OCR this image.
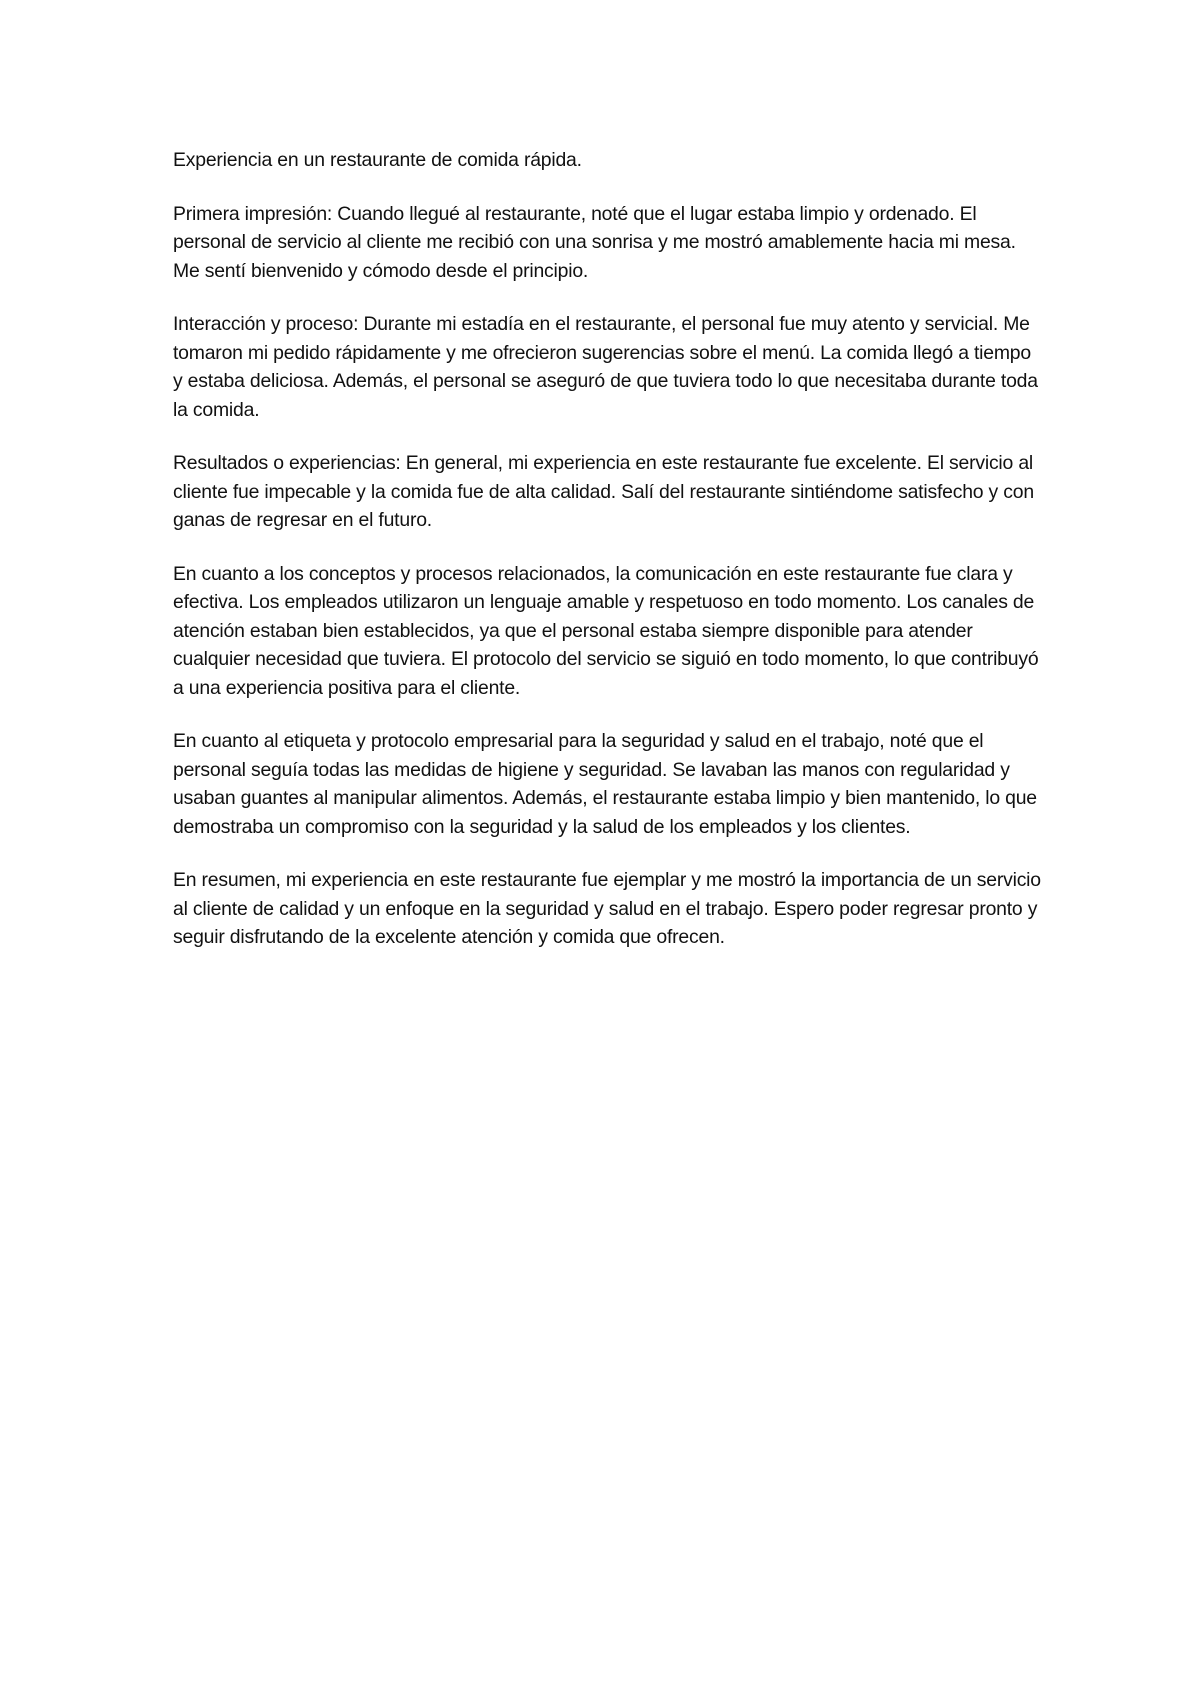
Experiencia en un restaurante de comida rápida.

Primera impresión: Cuando llegué al restaurante, noté que el lugar estaba limpio y ordenado. El personal de servicio al cliente me recibió con una sonrisa y me mostró amablemente hacia mi mesa. Me sentí bienvenido y cómodo desde el principio.

Interacción y proceso: Durante mi estadía en el restaurante, el personal fue muy atento y servicial. Me tomaron mi pedido rápidamente y me ofrecieron sugerencias sobre el menú. La comida llegó a tiempo y estaba deliciosa. Además, el personal se aseguró de que tuviera todo lo que necesitaba durante toda la comida.

Resultados o experiencias: En general, mi experiencia en este restaurante fue excelente. El servicio al cliente fue impecable y la comida fue de alta calidad. Salí del restaurante sintiéndome satisfecho y con ganas de regresar en el futuro.

En cuanto a los conceptos y procesos relacionados, la comunicación en este restaurante fue clara y efectiva. Los empleados utilizaron un lenguaje amable y respetuoso en todo momento. Los canales de atención estaban bien establecidos, ya que el personal estaba siempre disponible para atender cualquier necesidad que tuviera. El protocolo del servicio se siguió en todo momento, lo que contribuyó a una experiencia positiva para el cliente.

En cuanto al etiqueta y protocolo empresarial para la seguridad y salud en el trabajo, noté que el personal seguía todas las medidas de higiene y seguridad. Se lavaban las manos con regularidad y usaban guantes al manipular alimentos. Además, el restaurante estaba limpio y bien mantenido, lo que demostraba un compromiso con la seguridad y la salud de los empleados y los clientes.

En resumen, mi experiencia en este restaurante fue ejemplar y me mostró la importancia de un servicio al cliente de calidad y un enfoque en la seguridad y salud en el trabajo. Espero poder regresar pronto y seguir disfrutando de la excelente atención y comida que ofrecen.
